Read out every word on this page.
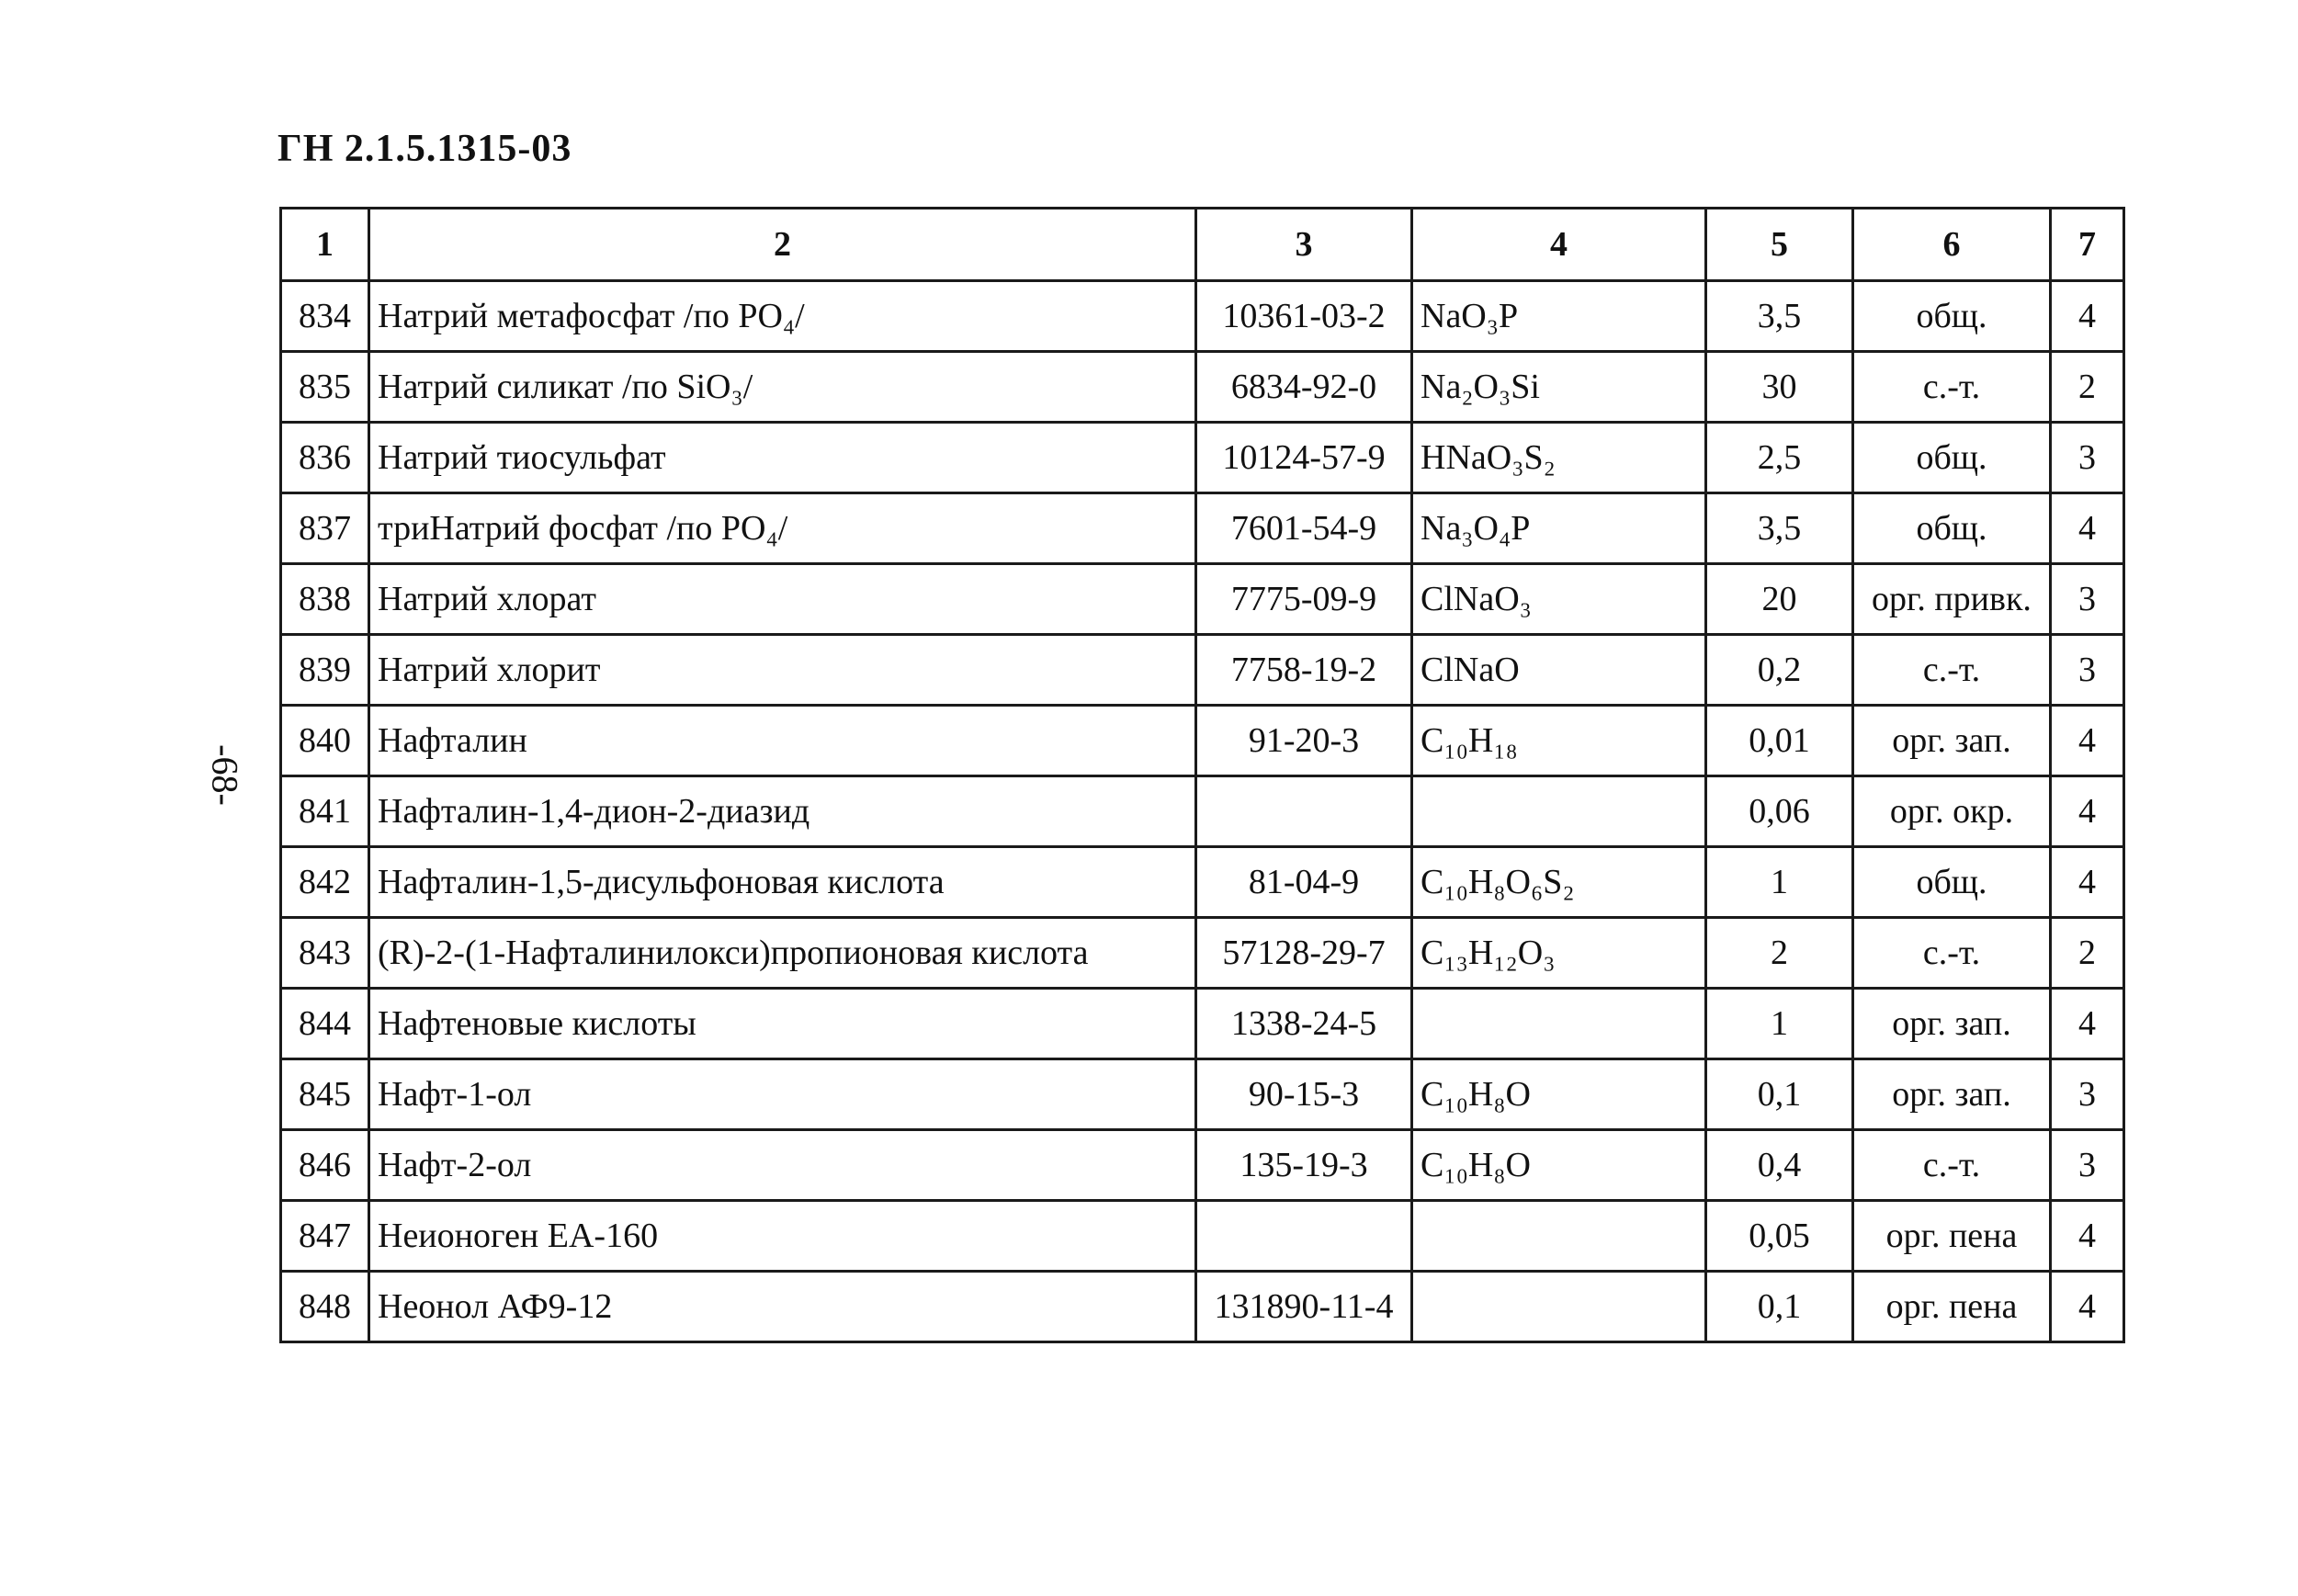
ГН 2.1.5.1315-03
-68-
1	2	3	4	5	6	7
834	Натрий метафосфат /по PO₄/	10361-03-2	NaO₃P	3,5	общ.	4
835	Натрий силикат /по SiO₃/	6834-92-0	Na₂O₃Si	30	с.-т.	2
836	Натрий тиосульфат	10124-57-9	HNaO₃S₂	2,5	общ.	3
837	триНатрий фосфат /по PO₄/	7601-54-9	Na₃O₄P	3,5	общ.	4
838	Натрий хлорат	7775-09-9	ClNaO₃	20	орг. привк.	3
839	Натрий хлорит	7758-19-2	ClNaO	0,2	с.-т.	3
840	Нафталин	91-20-3	C₁₀H₁₈	0,01	орг. зап.	4
841	Нафталин-1,4-дион-2-диазид			0,06	орг. окр.	4
842	Нафталин-1,5-дисульфоновая кислота	81-04-9	C₁₀H₈O₆S₂	1	общ.	4
843	(R)-2-(1-Нафталинилокси)пропионовая кислота	57128-29-7	C₁₃H₁₂O₃	2	с.-т.	2
844	Нафтеновые кислоты	1338-24-5		1	орг. зап.	4
845	Нафт-1-ол	90-15-3	C₁₀H₈O	0,1	орг. зап.	3
846	Нафт-2-ол	135-19-3	C₁₀H₈O	0,4	с.-т.	3
847	Неионоген ЕА-160			0,05	орг. пена	4
848	Неонол АФ9-12	131890-11-4		0,1	орг. пена	4
